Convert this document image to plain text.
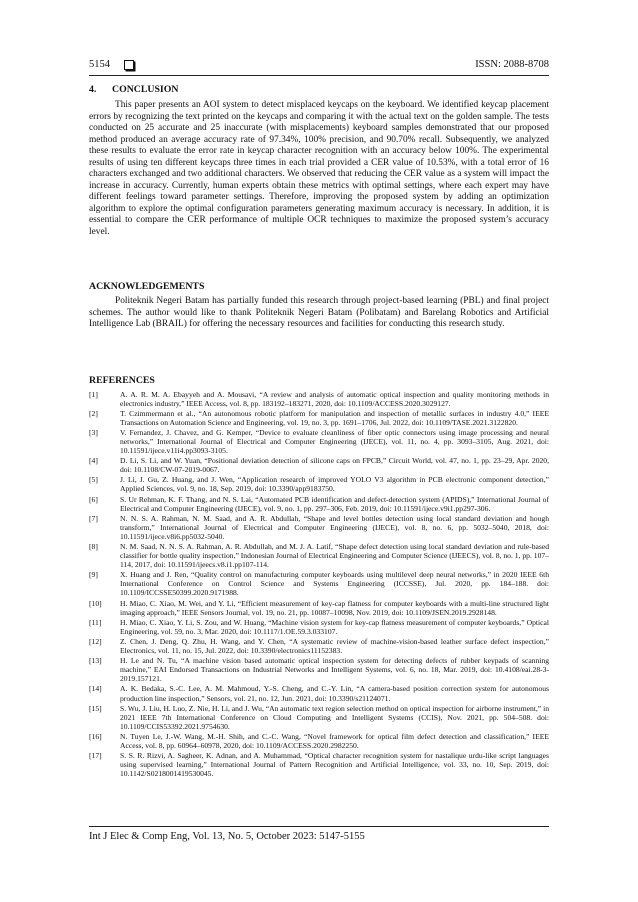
5154	ISSN: 2088-8708
4. CONCLUSION

This paper presents an AOI system to detect misplaced keycaps on the keyboard. We identified keycap placement errors by recognizing the text printed on the keycaps and comparing it with the actual text on the golden sample. The tests conducted on 25 accurate and 25 inaccurate (with misplacements) keyboard samples demonstrated that our proposed method produced an average accuracy rate of 97.34%, 100% precision, and 90.70% recall. Subsequently, we analyzed these results to evaluate the error rate in keycap character recognition with an accuracy below 100%. The experimental results of using ten different keycaps three times in each trial provided a CER value of 10.53%, with a total error of 16 characters exchanged and two additional characters. We observed that reducing the CER value as a system will impact the increase in accuracy. Currently, human experts obtain these metrics with optimal settings, where each expert may have different feelings toward parameter settings. Therefore, improving the proposed system by adding an optimization algorithm to explore the optimal configuration parameters generating maximum accuracy is necessary. In addition, it is essential to compare the CER performance of multiple OCR techniques to maximize the proposed system’s accuracy level.

ACKNOWLEDGEMENTS

Politeknik Negeri Batam has partially funded this research through project-based learning (PBL) and final project schemes. The author would like to thank Politeknik Negeri Batam (Polibatam) and Barelang Robotics and Artificial Intelligence Lab (BRAIL) for offering the necessary resources and facilities for conducting this research study.

REFERENCES
[1]	A. A. R. M. A. Ebayyeh and A. Mousavi, “A review and analysis of automatic optical inspection and quality monitoring methods in electronics industry,” IEEE Access, vol. 8, pp. 183192–183271, 2020, doi: 10.1109/ACCESS.2020.3029127.
[2]	T. Czimmermann et al., “An autonomous robotic platform for manipulation and inspection of metallic surfaces in industry 4.0,” IEEE Transactions on Automation Science and Engineering, vol. 19, no. 3, pp. 1691–1706, Jul. 2022, doi: 10.1109/TASE.2021.3122820.
[3]	V. Fernandez, J. Chavez, and G. Kemper, “Device to evaluate cleanliness of fiber optic connectors using image processing and neural networks,” International Journal of Electrical and Computer Engineering (IJECE), vol. 11, no. 4, pp. 3093–3105, Aug. 2021, doi: 10.11591/ijece.v11i4.pp3093-3105.
[4]	D. Li, S. Li, and W. Yuan, “Positional deviation detection of silicone caps on FPCB,” Circuit World, vol. 47, no. 1, pp. 23–29, Apr. 2020, doi: 10.1108/CW-07-2019-0067.
[5]	J. Li, J. Gu, Z. Huang, and J. Wen, “Application research of improved YOLO V3 algorithm in PCB electronic component detection,” Applied Sciences, vol. 9, no. 18, Sep. 2019, doi: 10.3390/app9183750.
[6]	S. Ur Rehman, K. F. Thang, and N. S. Lai, “Automated PCB identification and defect-detection system (APIDS),” International Journal of Electrical and Computer Engineering (IJECE), vol. 9, no. 1, pp. 297–306, Feb. 2019, doi: 10.11591/ijece.v9i1.pp297-306.
[7]	N. N. S. A. Rahman, N. M. Saad, and A. R. Abdullah, “Shape and level bottles detection using local standard deviation and hough transform,” International Journal of Electrical and Computer Engineering (IJECE), vol. 8, no. 6, pp. 5032–5040, 2018, doi: 10.11591/ijece.v8i6.pp5032-5040.
[8]	N. M. Saad, N. N. S. A. Rahman, A. R. Abdullah, and M. J. A. Latif, “Shape defect detection using local standard deviation and rule-based classifier for bottle quality inspection,” Indonesian Journal of Electrical Engineering and Computer Science (IJEECS), vol. 8, no. 1, pp. 107–114, 2017, doi: 10.11591/ijeecs.v8.i1.pp107-114.
[9]	X. Huang and J. Ren, “Quality control on manufacturing computer keyboards using multilevel deep neural networks,” in 2020 IEEE 6th International Conference on Control Science and Systems Engineering (ICCSSE), Jul. 2020, pp. 184–188. doi: 10.1109/ICCSSE50399.2020.9171988.
[10]	H. Miao, C. Xiao, M. Wei, and Y. Li, “Efficient measurement of key-cap flatness for computer keyboards with a multi-line structured light imaging approach,” IEEE Sensors Journal, vol. 19, no. 21, pp. 10087–10098, Nov. 2019, doi: 10.1109/JSEN.2019.2928148.
[11]	H. Miao, C. Xiao, Y. Li, S. Zou, and W. Huang, “Machine vision system for key-cap flatness measurement of computer keyboards,” Optical Engineering, vol. 59, no. 3, Mar. 2020, doi: 10.1117/1.OE.59.3.033107.
[12]	Z. Chen, J. Deng, Q. Zhu, H. Wang, and Y. Chen, “A systematic review of machine-vision-based leather surface defect inspection,” Electronics, vol. 11, no. 15, Jul. 2022, doi: 10.3390/electronics11152383.
[13]	H. Le and N. Tu, “A machine vision based automatic optical inspection system for detecting defects of rubber keypads of scanning machine,” EAI Endorsed Transactions on Industrial Networks and Intelligent Systems, vol. 6, no. 18, Mar. 2019, doi: 10.4108/eai.28-3-2019.157121.
[14]	A. K. Bedaka, S.-C. Lee, A. M. Mahmoud, Y.-S. Cheng, and C.-Y. Lin, “A camera-based position correction system for autonomous production line inspection,” Sensors, vol. 21, no. 12, Jun. 2021, doi: 10.3390/s21124071.
[15]	S. Wu, J. Liu, H. Luo, Z. Nie, H. Li, and J. Wu, “An automatic text region selection method on optical inspection for airborne instrument,” in 2021 IEEE 7th International Conference on Cloud Computing and Intelligent Systems (CCIS), Nov. 2021, pp. 504–508. doi: 10.1109/CCIS53392.2021.9754630.
[16]	N. Tuyen Le, J.-W. Wang, M.-H. Shih, and C.-C. Wang, “Novel framework for optical film defect detection and classification,” IEEE Access, vol. 8, pp. 60964–60978, 2020, doi: 10.1109/ACCESS.2020.2982250.
[17]	S. S. R. Rizvi, A. Sagheer, K. Adnan, and A. Muhammad, “Optical character recognition system for nastalique urdu-like script languages using supervised learning,” International Journal of Pattern Recognition and Artificial Intelligence, vol. 33, no. 10, Sep. 2019, doi: 10.1142/S0218001419530045.
Int J Elec & Comp Eng, Vol. 13, No. 5, October 2023: 5147-5155
